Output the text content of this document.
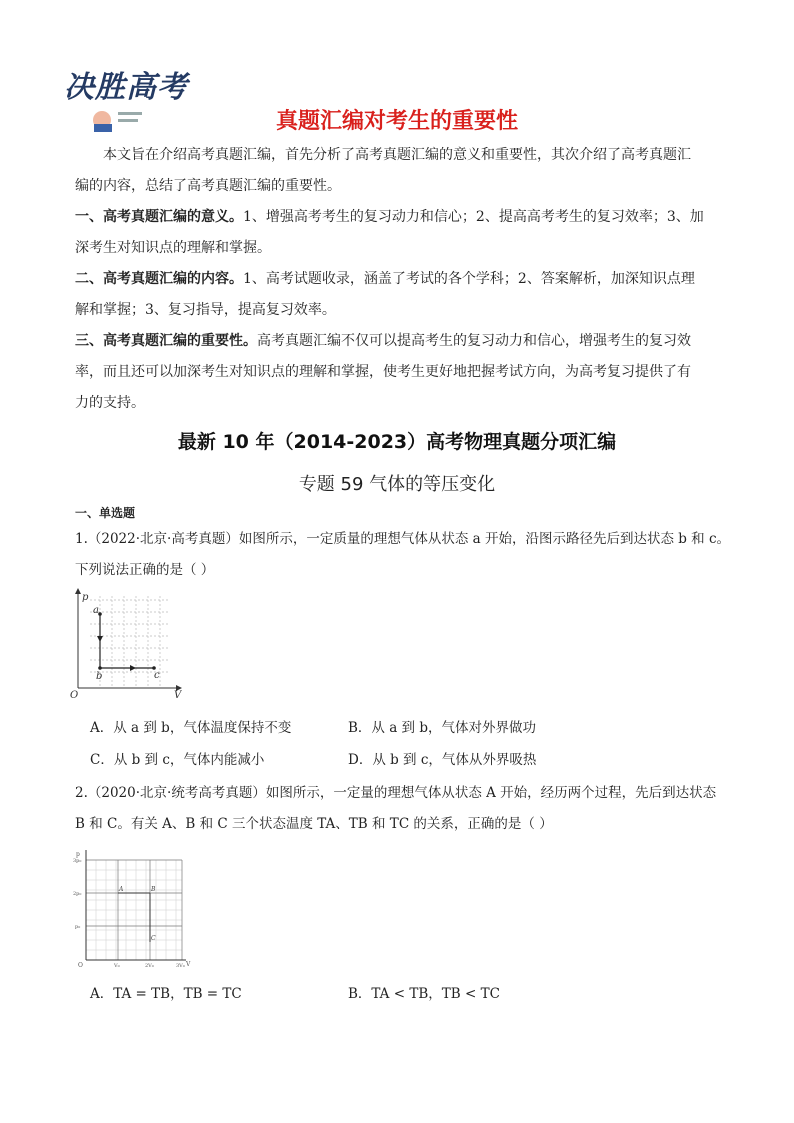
决胜高考
真题汇编对考生的重要性
本文旨在介绍高考真题汇编，首先分析了高考真题汇编的意义和重要性，其次介绍了高考真题汇
编的内容，总结了高考真题汇编的重要性。
一、高考真题汇编的意义。1、增强高考考生的复习动力和信心；2、提高高考考生的复习效率；3、加
深考生对知识点的理解和掌握。
二、高考真题汇编的内容。1、高考试题收录，涵盖了考试的各个学科；2、答案解析，加深知识点理
解和掌握；3、复习指导，提高复习效率。
三、高考真题汇编的重要性。高考真题汇编不仅可以提高考生的复习动力和信心，增强考生的复习效
率，而且还可以加深考生对知识点的理解和掌握，使考生更好地把握考试方向，为高考复习提供了有
力的支持。
最新 10 年（2014-2023）高考物理真题分项汇编
专题 59 气体的等压变化
一、单选题
1.（2022·北京·高考真题）如图所示，一定质量的理想气体从状态 a 开始，沿图示路径先后到达状态 b 和 c。
下列说法正确的是（ ）
p
V
O
a
b	c
A．从 a 到 b，气体温度保持不变	B．从 a 到 b，气体对外界做功
C．从 b 到 c，气体内能减小	D．从 b 到 c，气体从外界吸热
2.（2020·北京·统考高考真题）如图所示，一定量的理想气体从状态 A 开始，经历两个过程，先后到达状态
B 和 C。有关 A、B 和 C 三个状态温度 TA、TB 和 TC 的关系，正确的是（ ）
p
V
O
3p₀
2p₀
p₀
V₀	2V₀	3V₀
A	B
C
A．TA = TB，TB = TC	B．TA < TB，TB < TC
